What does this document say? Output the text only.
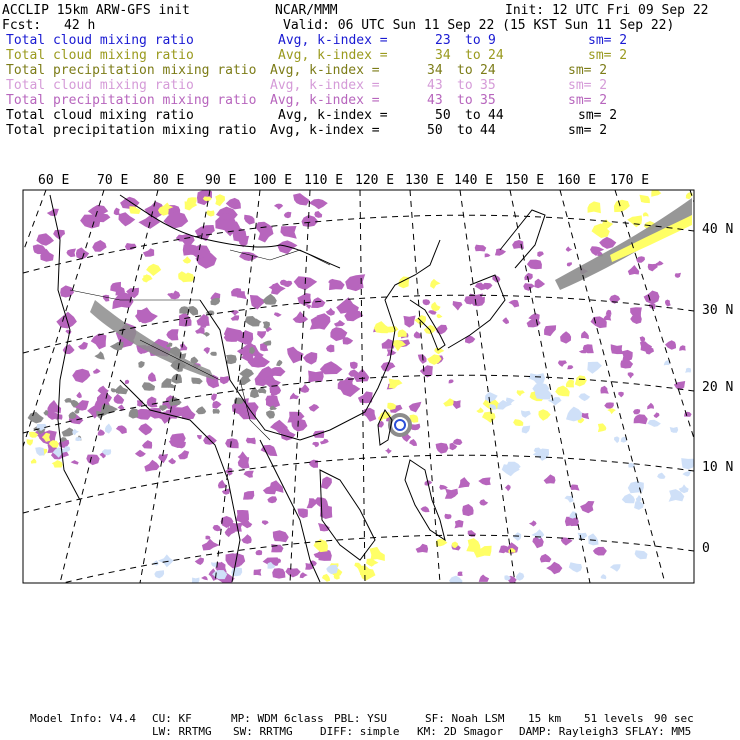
ACCLIP 15km ARW-GFS init	NCAR/MMM	Init: 12 UTC Fri 09 Sep 22
Fcst: 42 h	Valid: 06 UTC Sun 11 Sep 22 (15 KST Sun 11 Sep 22)
Total cloud mixing ratio	Avg, k-index =	23 to 9	sm= 2
Total cloud mixing ratio	Avg, k-index =	34 to 24	sm= 2
Total precipitation mixing ratio Avg, k-index =	34 to 24	sm= 2
Total cloud mixing ratio	Avg, k-index =	43 to 35	sm= 2
Total precipitation mixing ratio Avg, k-index =	43 to 35	sm= 2
Total cloud mixing ratio	Avg, k-index =	50 to 44	sm= 2
Total precipitation mixing ratio Avg, k-index =	50 to 44	sm= 2
60 E 70 E 80 E 90 E 100 E 110 E 120 E 130 E 140 E 150 E 160 E 170 E
40 N
30 N
20 N
10 N
0
Model Info: V4.4 CU: KF	MP: WDM 6class PBL: YSU	SF: Noah LSM 15 km 51 levels 90 sec
LW: RRTMG SW: RRTMG DIFF: simple KM: 2D Smagor DAMP: Rayleigh3 SFLAY: MM5
